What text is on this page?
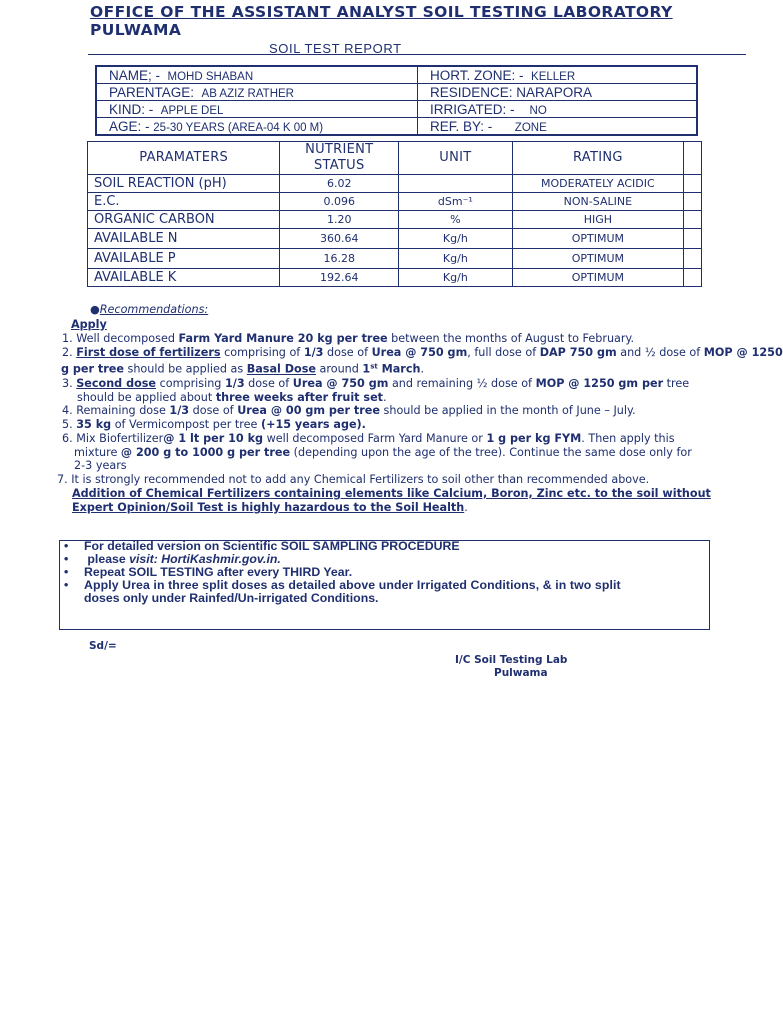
OFFICE OF THE ASSISTANT ANALYST SOIL TESTING LABORATORY
PULWAMA
SOIL TEST REPORT
NAME; - MOHD SHABAN	HORT. ZONE: - KELLER
PARENTAGE: AB AZIZ RATHER	RESIDENCE: NARAPORA
KIND: - APPLE DEL	IRRIGATED: - NO
AGE: - 25-30 YEARS (AREA-04 K 00 M)	REF. BY: - ZONE
PARAMATERS	NUTRIENT STATUS	UNIT	RATING	
SOIL REACTION (pH)	6.02		MODERATELY ACIDIC	
E.C.	0.096	dSm⁻¹	NON-SALINE	
ORGANIC CARBON	1.20	%	HIGH	
AVAILABLE N	360.64	Kg/h	OPTIMUM	
AVAILABLE P	16.28	Kg/h	OPTIMUM	
AVAILABLE K	192.64	Kg/h	OPTIMUM	
●Recommendations:
Apply
1. Well decomposed Farm Yard Manure 20 kg per tree between the months of August to February.
2. First dose of fertilizers comprising of 1/3 dose of Urea @ 750 gm, full dose of DAP 750 gm and ½ dose of MOP @ 1250
g per tree should be applied as Basal Dose around 1st March.
3. Second dose comprising 1/3 dose of Urea @ 750 gm and remaining ½ dose of MOP @ 1250 gm per tree
should be applied about three weeks after fruit set.
4. Remaining dose 1/3 dose of Urea @ 00 gm per tree should be applied in the month of June – July.
5. 35 kg of Vermicompost per tree (+15 years age).
6. Mix Biofertilizer@ 1 lt per 10 kg well decomposed Farm Yard Manure or 1 g per kg FYM. Then apply this
mixture @ 200 g to 1000 g per tree (depending upon the age of the tree). Continue the same dose only for
2-3 years
7. It is strongly recommended not to add any Chemical Fertilizers to soil other than recommended above.
Addition of Chemical Fertilizers containing elements like Calcium, Boron, Zinc etc. to the soil without
Expert Opinion/Soil Test is highly hazardous to the Soil Health.
• For detailed version on Scientific SOIL SAMPLING PROCEDURE
• please visit: HortiKashmir.gov.in.
• Repeat SOIL TESTING after every THIRD Year.
• Apply Urea in three split doses as detailed above under Irrigated Conditions, & in two split
doses only under Rainfed/Un-irrigated Conditions.
Sd/=
I/C Soil Testing Lab
Pulwama
